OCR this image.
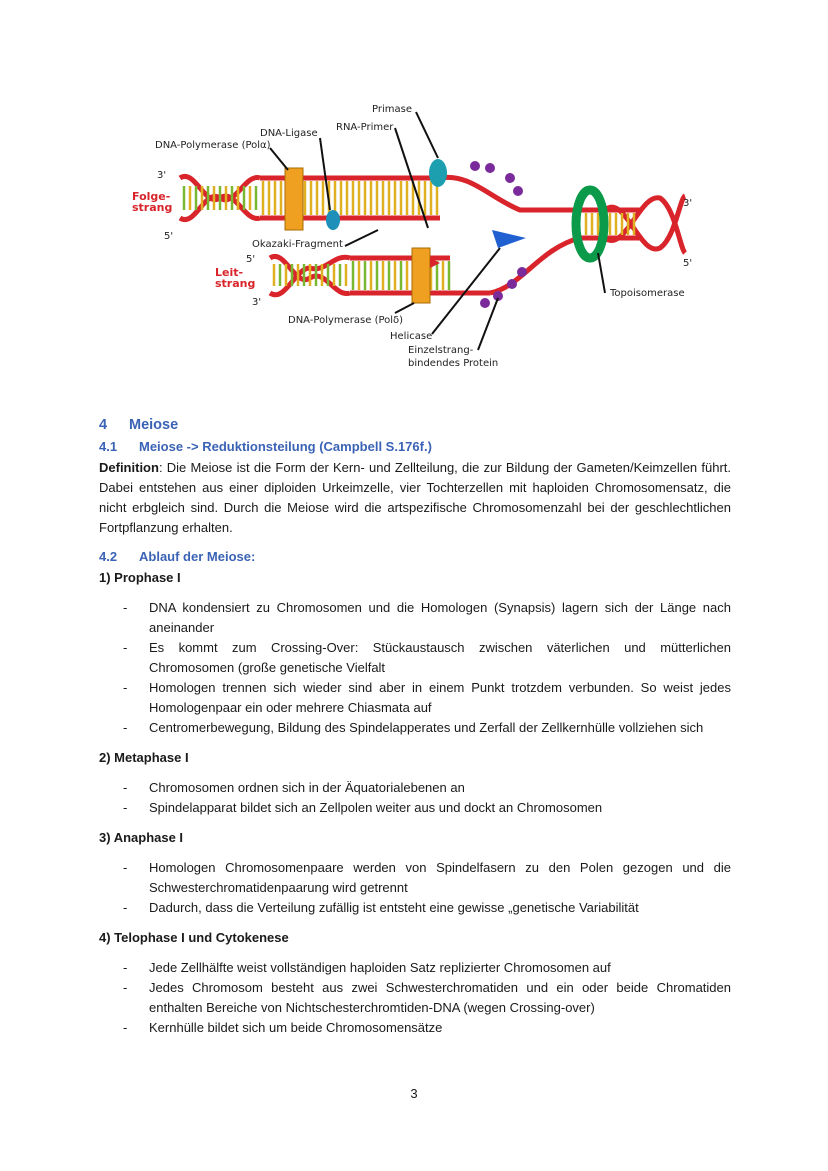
Primase
DNA-Ligase
RNA-Primer
DNA-Polymerase (Polα)
3'
Folge-
strang
5'
Okazaki-Fragment
5'
Leit-
strang
3'
DNA-Polymerase (Polδ)
Helicase
Einzelstrang-
bindendes Protein
3'
5'
Topoisomerase
4 Meiose
4.1 Meiose -> Reduktionsteilung (Campbell S.176f.)

Definition: Die Meiose ist die Form der Kern- und Zellteilung, die zur Bildung der Gameten/Keimzellen führt. Dabei entstehen aus einer diploiden Urkeimzelle, vier Tochterzellen mit haploiden Chromosomensatz, die nicht erbgleich sind. Durch die Meiose wird die artspezifische Chromosomenzahl bei der geschlechtlichen Fortpflanzung erhalten.

4.2 Ablauf der Meiose:
1) Prophase I
- DNA kondensiert zu Chromosomen und die Homologen (Synapsis) lagern sich der Länge nach aneinander
- Es kommt zum Crossing-Over: Stückaustausch zwischen väterlichen und mütterlichen Chromosomen (große genetische Vielfalt
- Homologen trennen sich wieder sind aber in einem Punkt trotzdem verbunden. So weist jedes Homologenpaar ein oder mehrere Chiasmata auf
- Centromerbewegung, Bildung des Spindelapperates und Zerfall der Zellkernhülle vollziehen sich
2) Metaphase I
- Chromosomen ordnen sich in der Äquatorialebenen an
- Spindelapparat bildet sich an Zellpolen weiter aus und dockt an Chromosomen
3) Anaphase I
- Homologen Chromosomenpaare werden von Spindelfasern zu den Polen gezogen und die Schwesterchromatidenpaarung wird getrennt
- Dadurch, dass die Verteilung zufällig ist entsteht eine gewisse „genetische Variabilität
4) Telophase I und Cytokenese
- Jede Zellhälfte weist vollständigen haploiden Satz replizierter Chromosomen auf
- Jedes Chromosom besteht aus zwei Schwesterchromatiden und ein oder beide Chromatiden enthalten Bereiche von Nichtschesterchromtiden-DNA (wegen Crossing-over)
- Kernhülle bildet sich um beide Chromosomensätze
3
